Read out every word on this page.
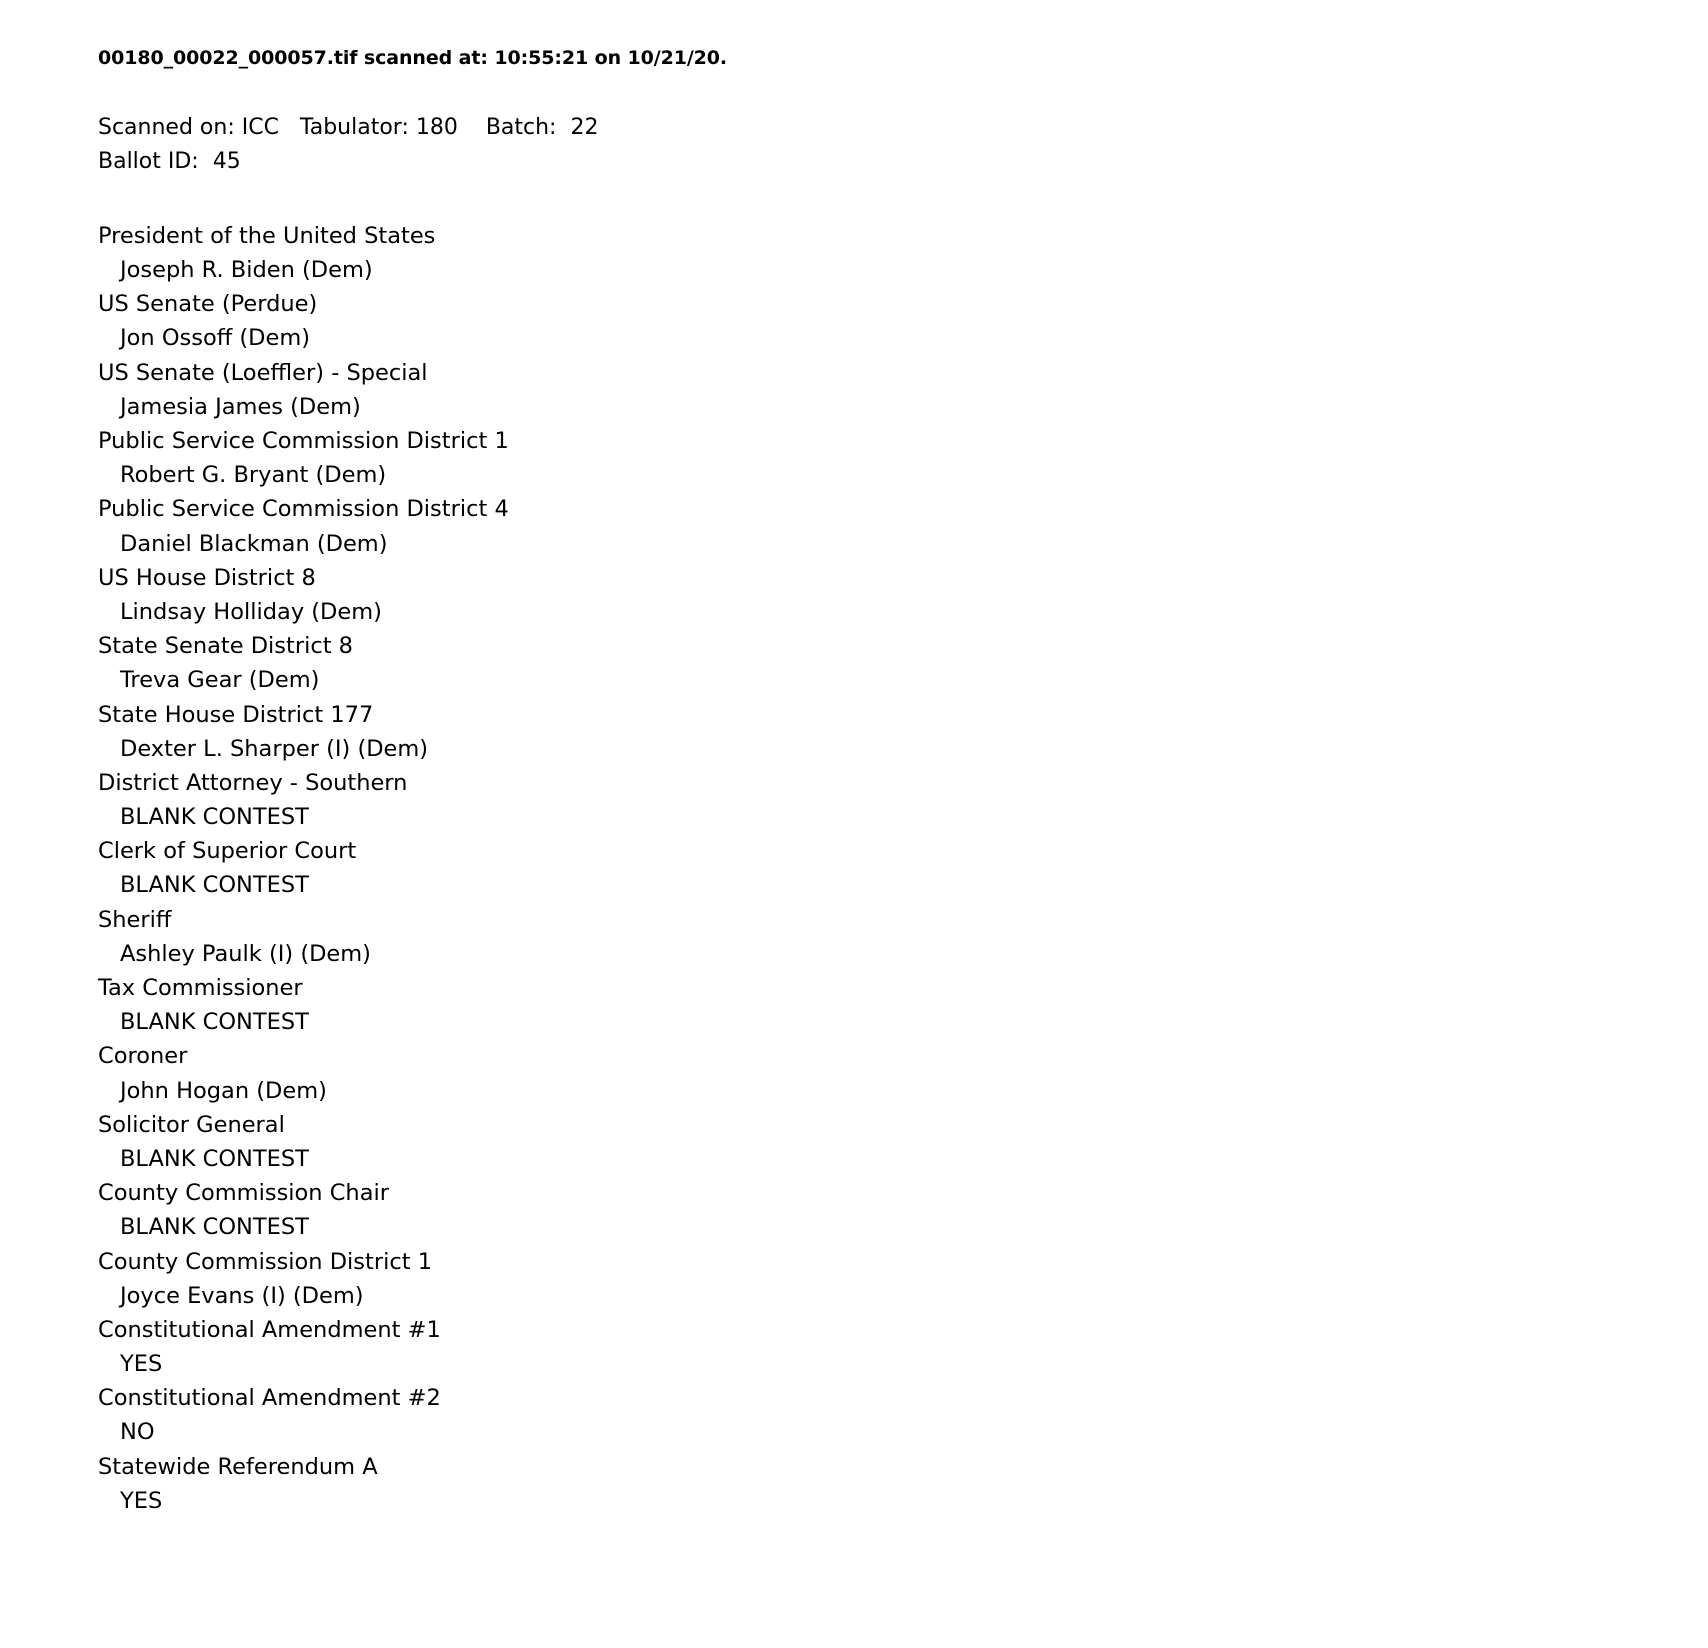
00180_00022_000057.tif scanned at: 10:55:21 on 10/21/20.
Scanned on: ICC   Tabulator: 180    Batch:  22
Ballot ID:  45
President of the United States
Joseph R. Biden (Dem)
US Senate (Perdue)
Jon Ossoff (Dem)
US Senate (Loeffler) - Special
Jamesia James (Dem)
Public Service Commission District 1
Robert G. Bryant (Dem)
Public Service Commission District 4
Daniel Blackman (Dem)
US House District 8
Lindsay Holliday (Dem)
State Senate District 8
Treva Gear (Dem)
State House District 177
Dexter L. Sharper (I) (Dem)
District Attorney - Southern
BLANK CONTEST
Clerk of Superior Court
BLANK CONTEST
Sheriff
Ashley Paulk (I) (Dem)
Tax Commissioner
BLANK CONTEST
Coroner
John Hogan (Dem)
Solicitor General
BLANK CONTEST
County Commission Chair
BLANK CONTEST
County Commission District 1
Joyce Evans (I) (Dem)
Constitutional Amendment #1
YES
Constitutional Amendment #2
NO
Statewide Referendum A
YES
